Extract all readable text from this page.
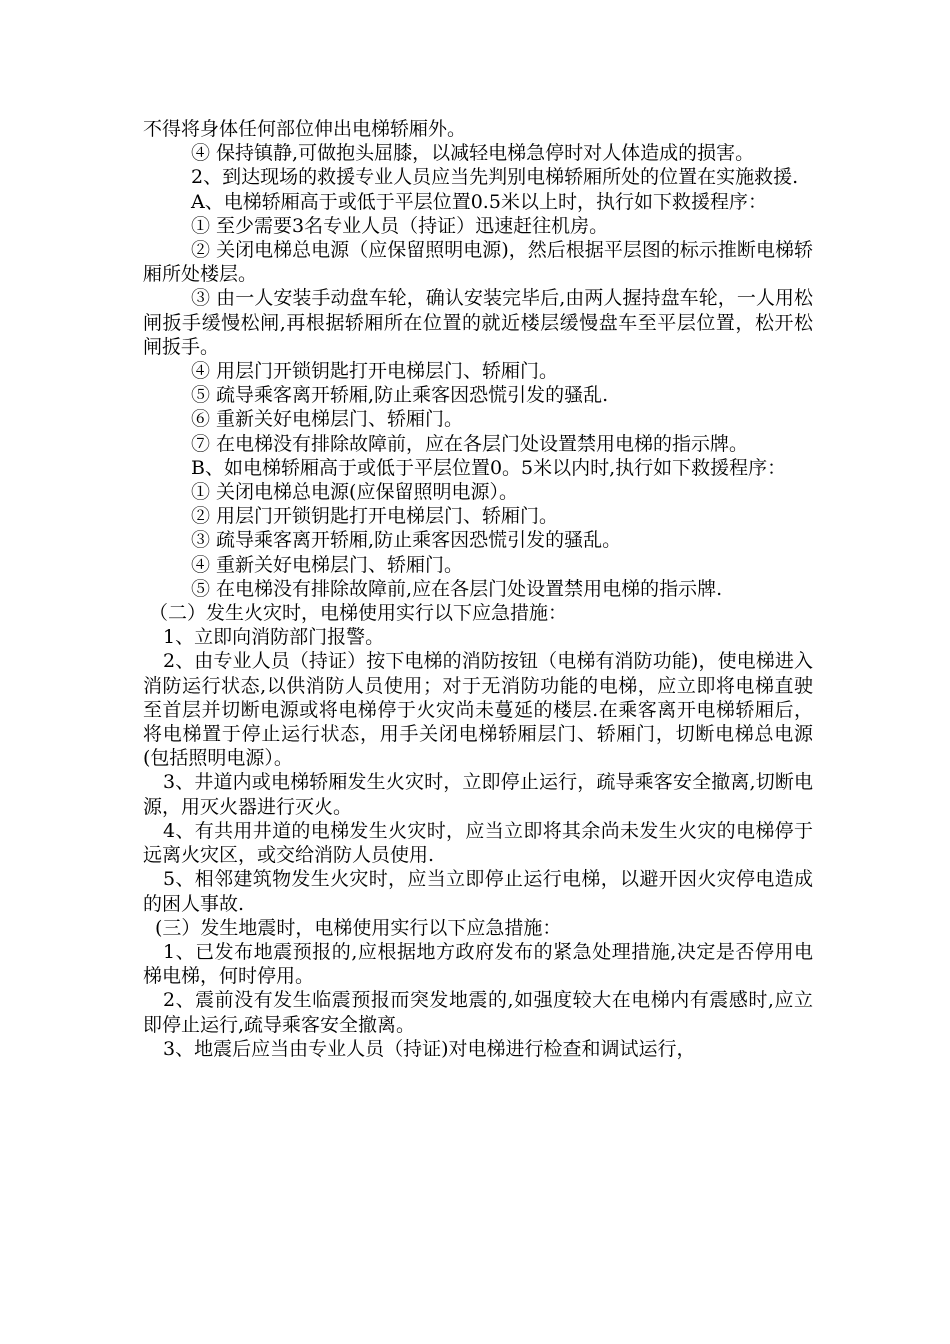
不得将身体任何部位伸出电梯轿厢外。

④ 保持镇静,可做抱头屈膝，以减轻电梯急停时对人体造成的损害。

2、到达现场的救援专业人员应当先判别电梯轿厢所处的位置在实施救援.

A、电梯轿厢高于或低于平层位置0.5米以上时，执行如下救援程序：

① 至少需要3名专业人员（持证）迅速赶往机房。

② 关闭电梯总电源（应保留照明电源)，然后根据平层图的标示推断电梯轿厢所处楼层。

③ 由一人安装手动盘车轮，确认安装完毕后,由两人握持盘车轮，一人用松闸扳手缓慢松闸,再根据轿厢所在位置的就近楼层缓慢盘车至平层位置，松开松闸扳手。

④ 用层门开锁钥匙打开电梯层门、轿厢门。

⑤ 疏导乘客离开轿厢,防止乘客因恐慌引发的骚乱.

⑥ 重新关好电梯层门、轿厢门。

⑦ 在电梯没有排除故障前，应在各层门处设置禁用电梯的指示牌。

B、如电梯轿厢高于或低于平层位置0。5米以内时,执行如下救援程序：

① 关闭电梯总电源(应保留照明电源）。

② 用层门开锁钥匙打开电梯层门、轿厢门。

③ 疏导乘客离开轿厢,防止乘客因恐慌引发的骚乱。

④ 重新关好电梯层门、轿厢门。

⑤ 在电梯没有排除故障前,应在各层门处设置禁用电梯的指示牌.

（二）发生火灾时，电梯使用实行以下应急措施：

1、立即向消防部门报警。

2、由专业人员（持证）按下电梯的消防按钮（电梯有消防功能)，使电梯进入消防运行状态,以供消防人员使用；对于无消防功能的电梯，应立即将电梯直驶至首层并切断电源或将电梯停于火灾尚未蔓延的楼层.在乘客离开电梯轿厢后，将电梯置于停止运行状态，用手关闭电梯轿厢层门、轿厢门，切断电梯总电源(包括照明电源）。

3、井道内或电梯轿厢发生火灾时，立即停止运行，疏导乘客安全撤离,切断电源，用灭火器进行灭火。

4、有共用井道的电梯发生火灾时，应当立即将其余尚未发生火灾的电梯停于远离火灾区，或交给消防人员使用.

5、相邻建筑物发生火灾时，应当立即停止运行电梯，以避开因火灾停电造成的困人事故.

(三）发生地震时，电梯使用实行以下应急措施：

1、已发布地震预报的,应根据地方政府发布的紧急处理措施,决定是否停用电梯电梯，何时停用。

2、震前没有发生临震预报而突发地震的,如强度较大在电梯内有震感时,应立即停止运行,疏导乘客安全撤离。

3、地震后应当由专业人员（持证)对电梯进行检查和调试运行，
